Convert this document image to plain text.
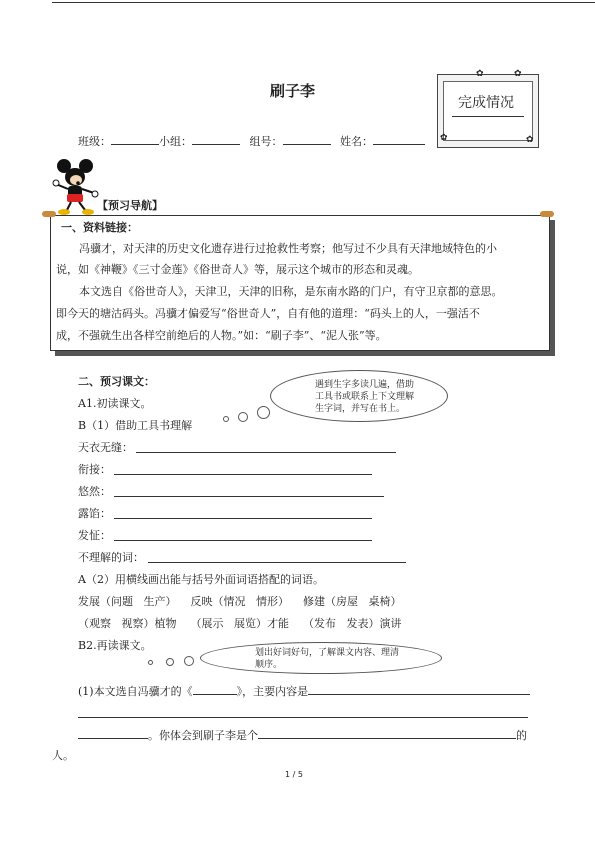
刷子李
完成情况
✿	✿
✿	✿
班级：	小组：	组号：	姓名：
【预习导航】
一、资料链接：
冯骥才，对天津的历史文化遗存进行过抢救性考察；他写过不少具有天津地域特色的小
说，如《神鞭》《三寸金莲》《俗世奇人》等，展示这个城市的形态和灵魂。
本文选自《俗世奇人》，天津卫，天津的旧称，是东南水路的门户，有守卫京都的意思。
即今天的塘沽码头。冯骥才偏爱写“俗世奇人”，自有他的道理：“码头上的人，一强活不
成，不强就生出各样空前绝后的人物。”如：“刷子李”、“泥人张”等。
二、预习课文：
A1.初读课文。
遇到生字多读几遍，借助工具书或联系上下文理解生字词，并写在书上。
B（1）借助工具书理解
天衣无缝：
衔接：
悠然：
露馅：
发怔：
不理解的词：
A（2）用横线画出能与括号外面词语搭配的词语。
发展（问题   生产）    反映（情况   情形）    修建（房屋   桌椅）
（观察   视察）植物    （展示   展览）才能    （发布   发表）演讲
B2.再读课文。
划出好词好句，了解课文内容、理清顺序。
(1)本文选自冯骥才的《	》，主要内容是
。你体会到刷子李是个	的
人。
1 / 5
